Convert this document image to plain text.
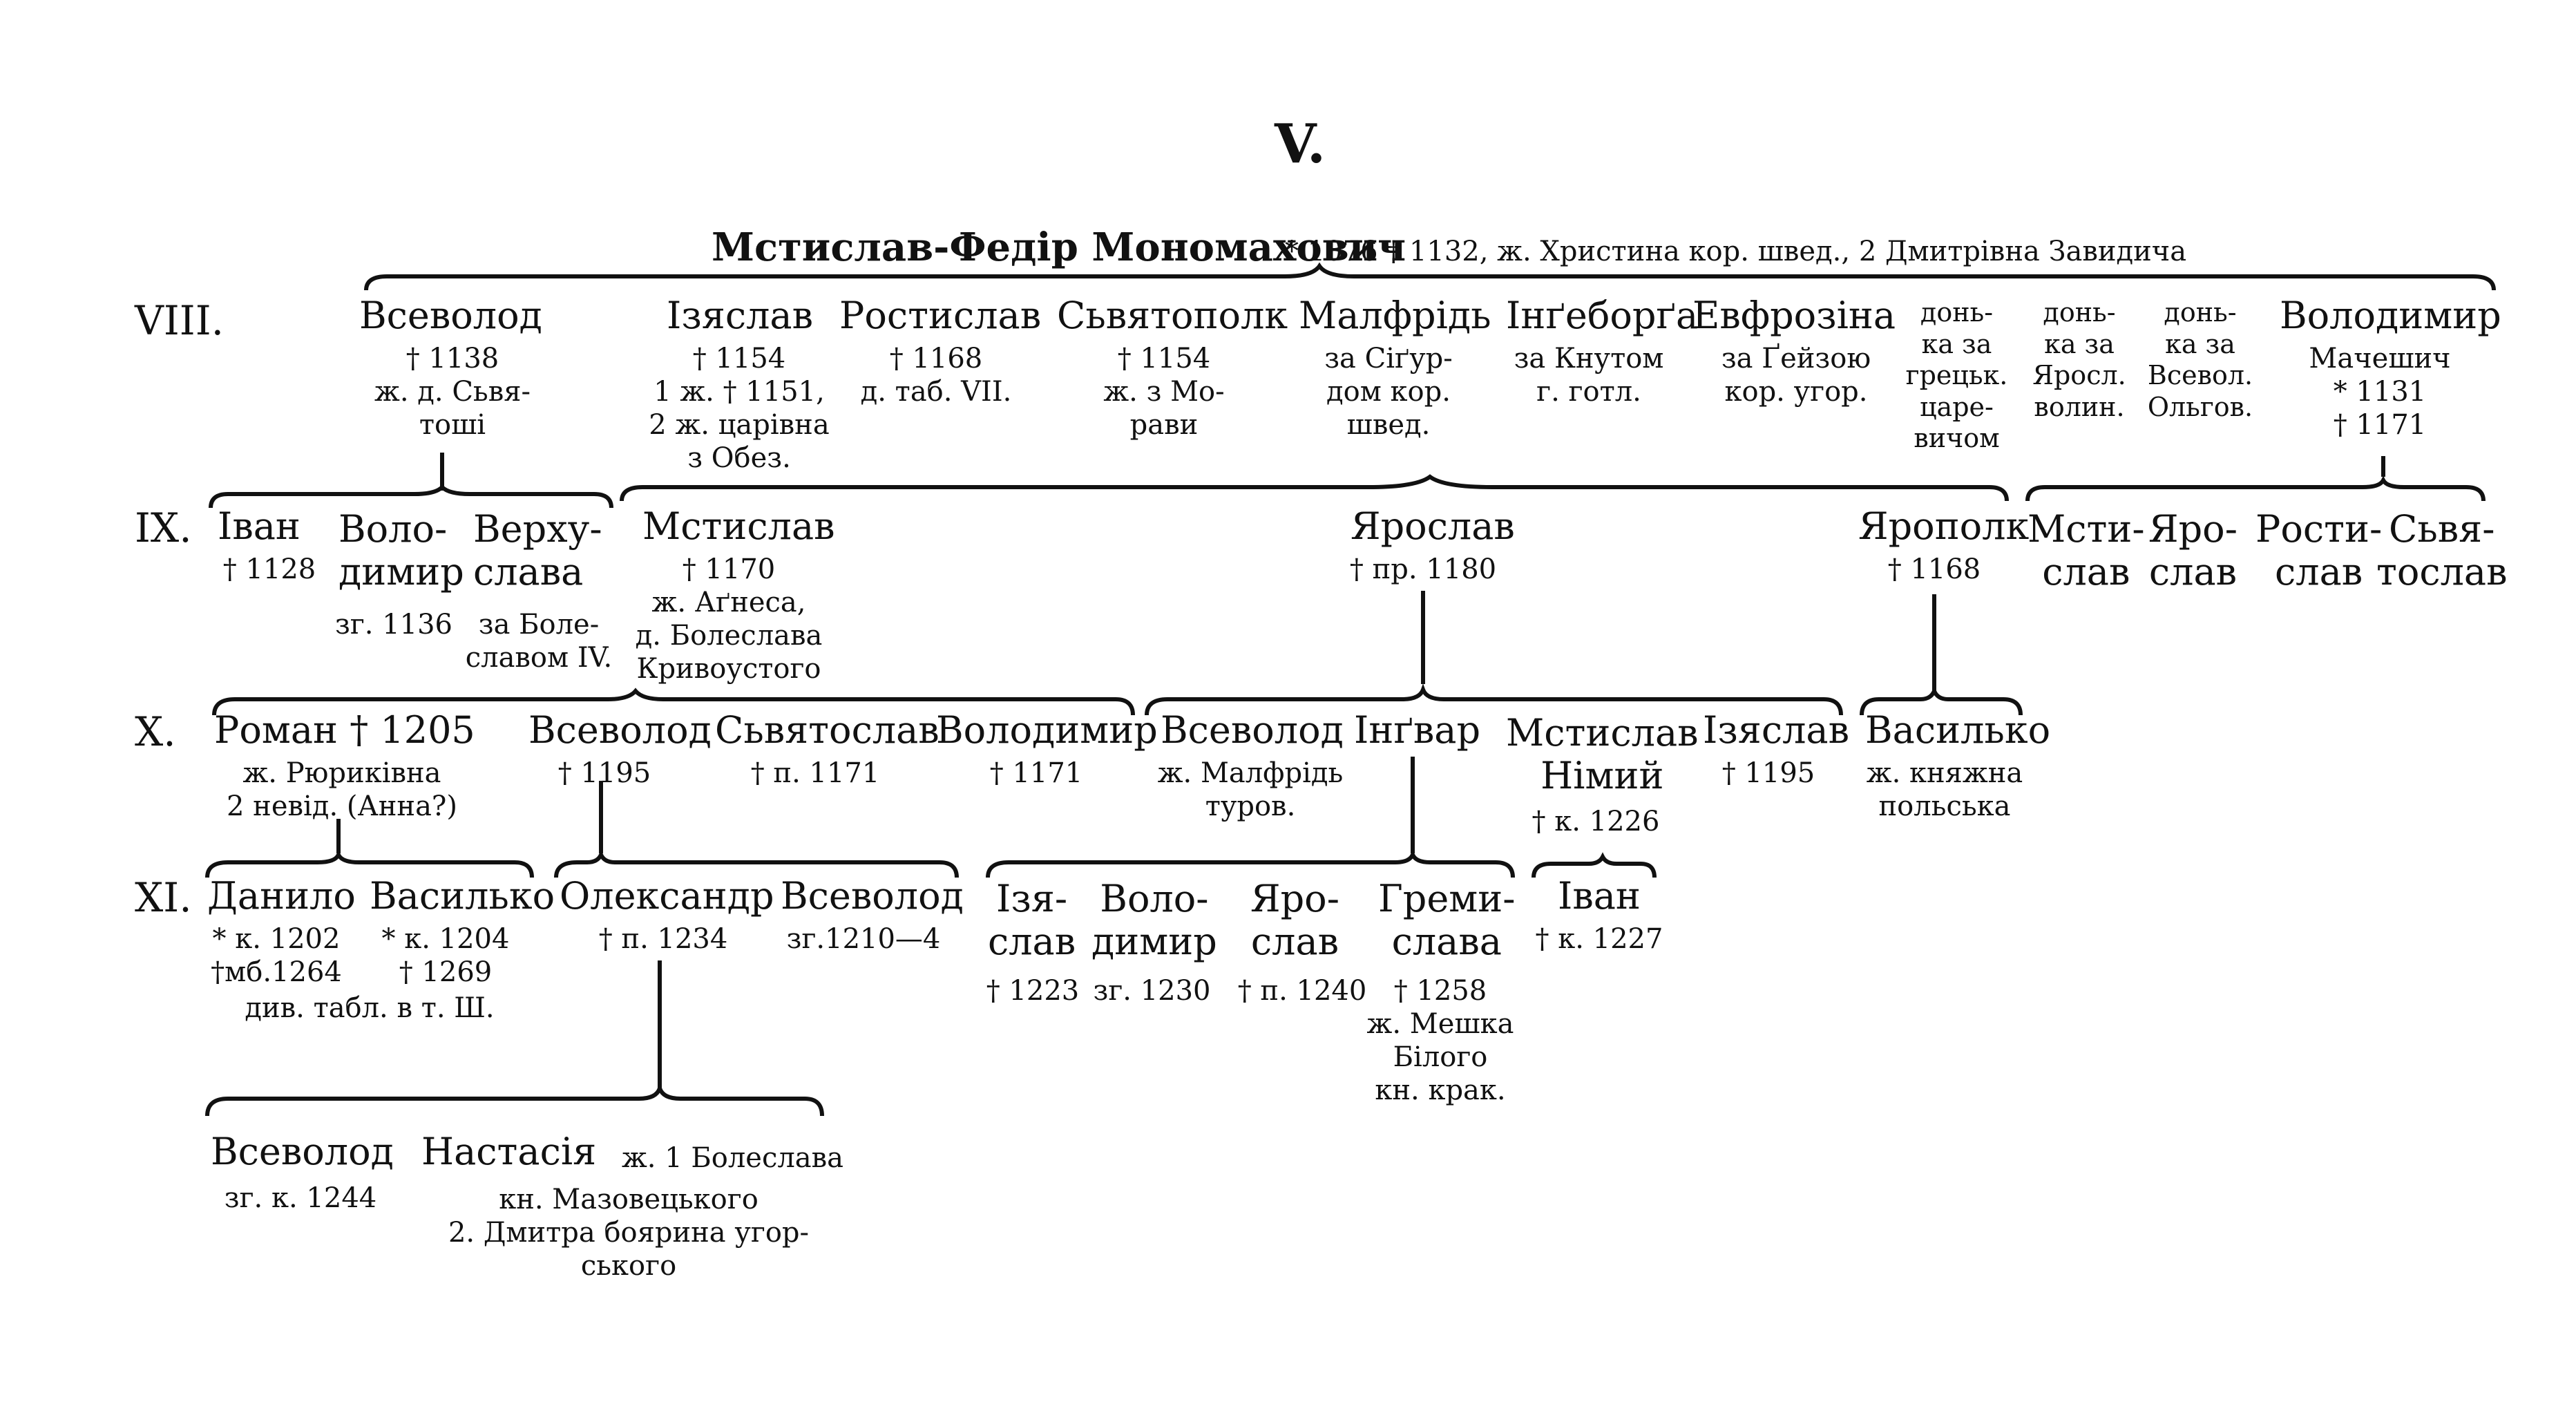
V.
Мстислав-Федір Мономахович
* 1076 † 1132, ж. Христина кор. швед., 2 Дмитрівна Завидича
VIII.
IX.
X.
XI.
Всеволод
† 1138
ж. д. Сьвя-
тоші
Ізяслав
† 1154
1 ж. † 1151,
2 ж. царівна
з Обез.
Ростислав
† 1168
д. таб. VII.
Сьвятополк
† 1154
ж. з Мо-
рави
Малфрідь
за Сіґур-
дом кор.
швед.
Інґеборґа
за Кнутом
г. готл.
Евфрозіна
за Ґейзою
кор. угор.
донь-
ка за
грецьк.
царе-
вичом
донь-
ка за
Яросл.
волин.
донь-
ка за
Всевол.
Ольгов.
Володимир
Мачешич
* 1131
† 1171
Іван
† 1128
Воло-
димир
зг. 1136
Верху-
слава
за Боле-
славом IV.
Мстислав
† 1170
ж. Аґнеса,
д. Болеслава
Кривоустого
Ярослав
† пр. 1180
Ярополк
† 1168
Мсти-
слав
Яро-
слав
Рости-
слав
Сьвя-
тослав
Роман † 1205
ж. Рюриківна
2 невід. (Анна?)
Всеволод
† 1195
Сьвятослав
† п. 1171
Володимир
† 1171
Всеволод
ж. Малфрідь
туров.
Інґвар Мстислав
Німий
† к. 1226
Ізяслав
† 1195
Василько
ж. княжна
польська
Данило
* к. 1202
†мб.1264
Василько
* к. 1204
† 1269
див. табл. в т. Ш.
Олександр
† п. 1234
Всеволод
зг.1210—4
Ізя-
слав
† 1223
Воло-
димир
зг. 1230
Яро-
слав
† п. 1240
Греми-
слава
† 1258
ж. Мешка
Білого
кн. крак.
Іван
† к. 1227
Всеволод
зг. к. 1244
Настасія ж. 1 Болеслава
кн. Мазовецького
2. Дмитра боярина угор-
ського
